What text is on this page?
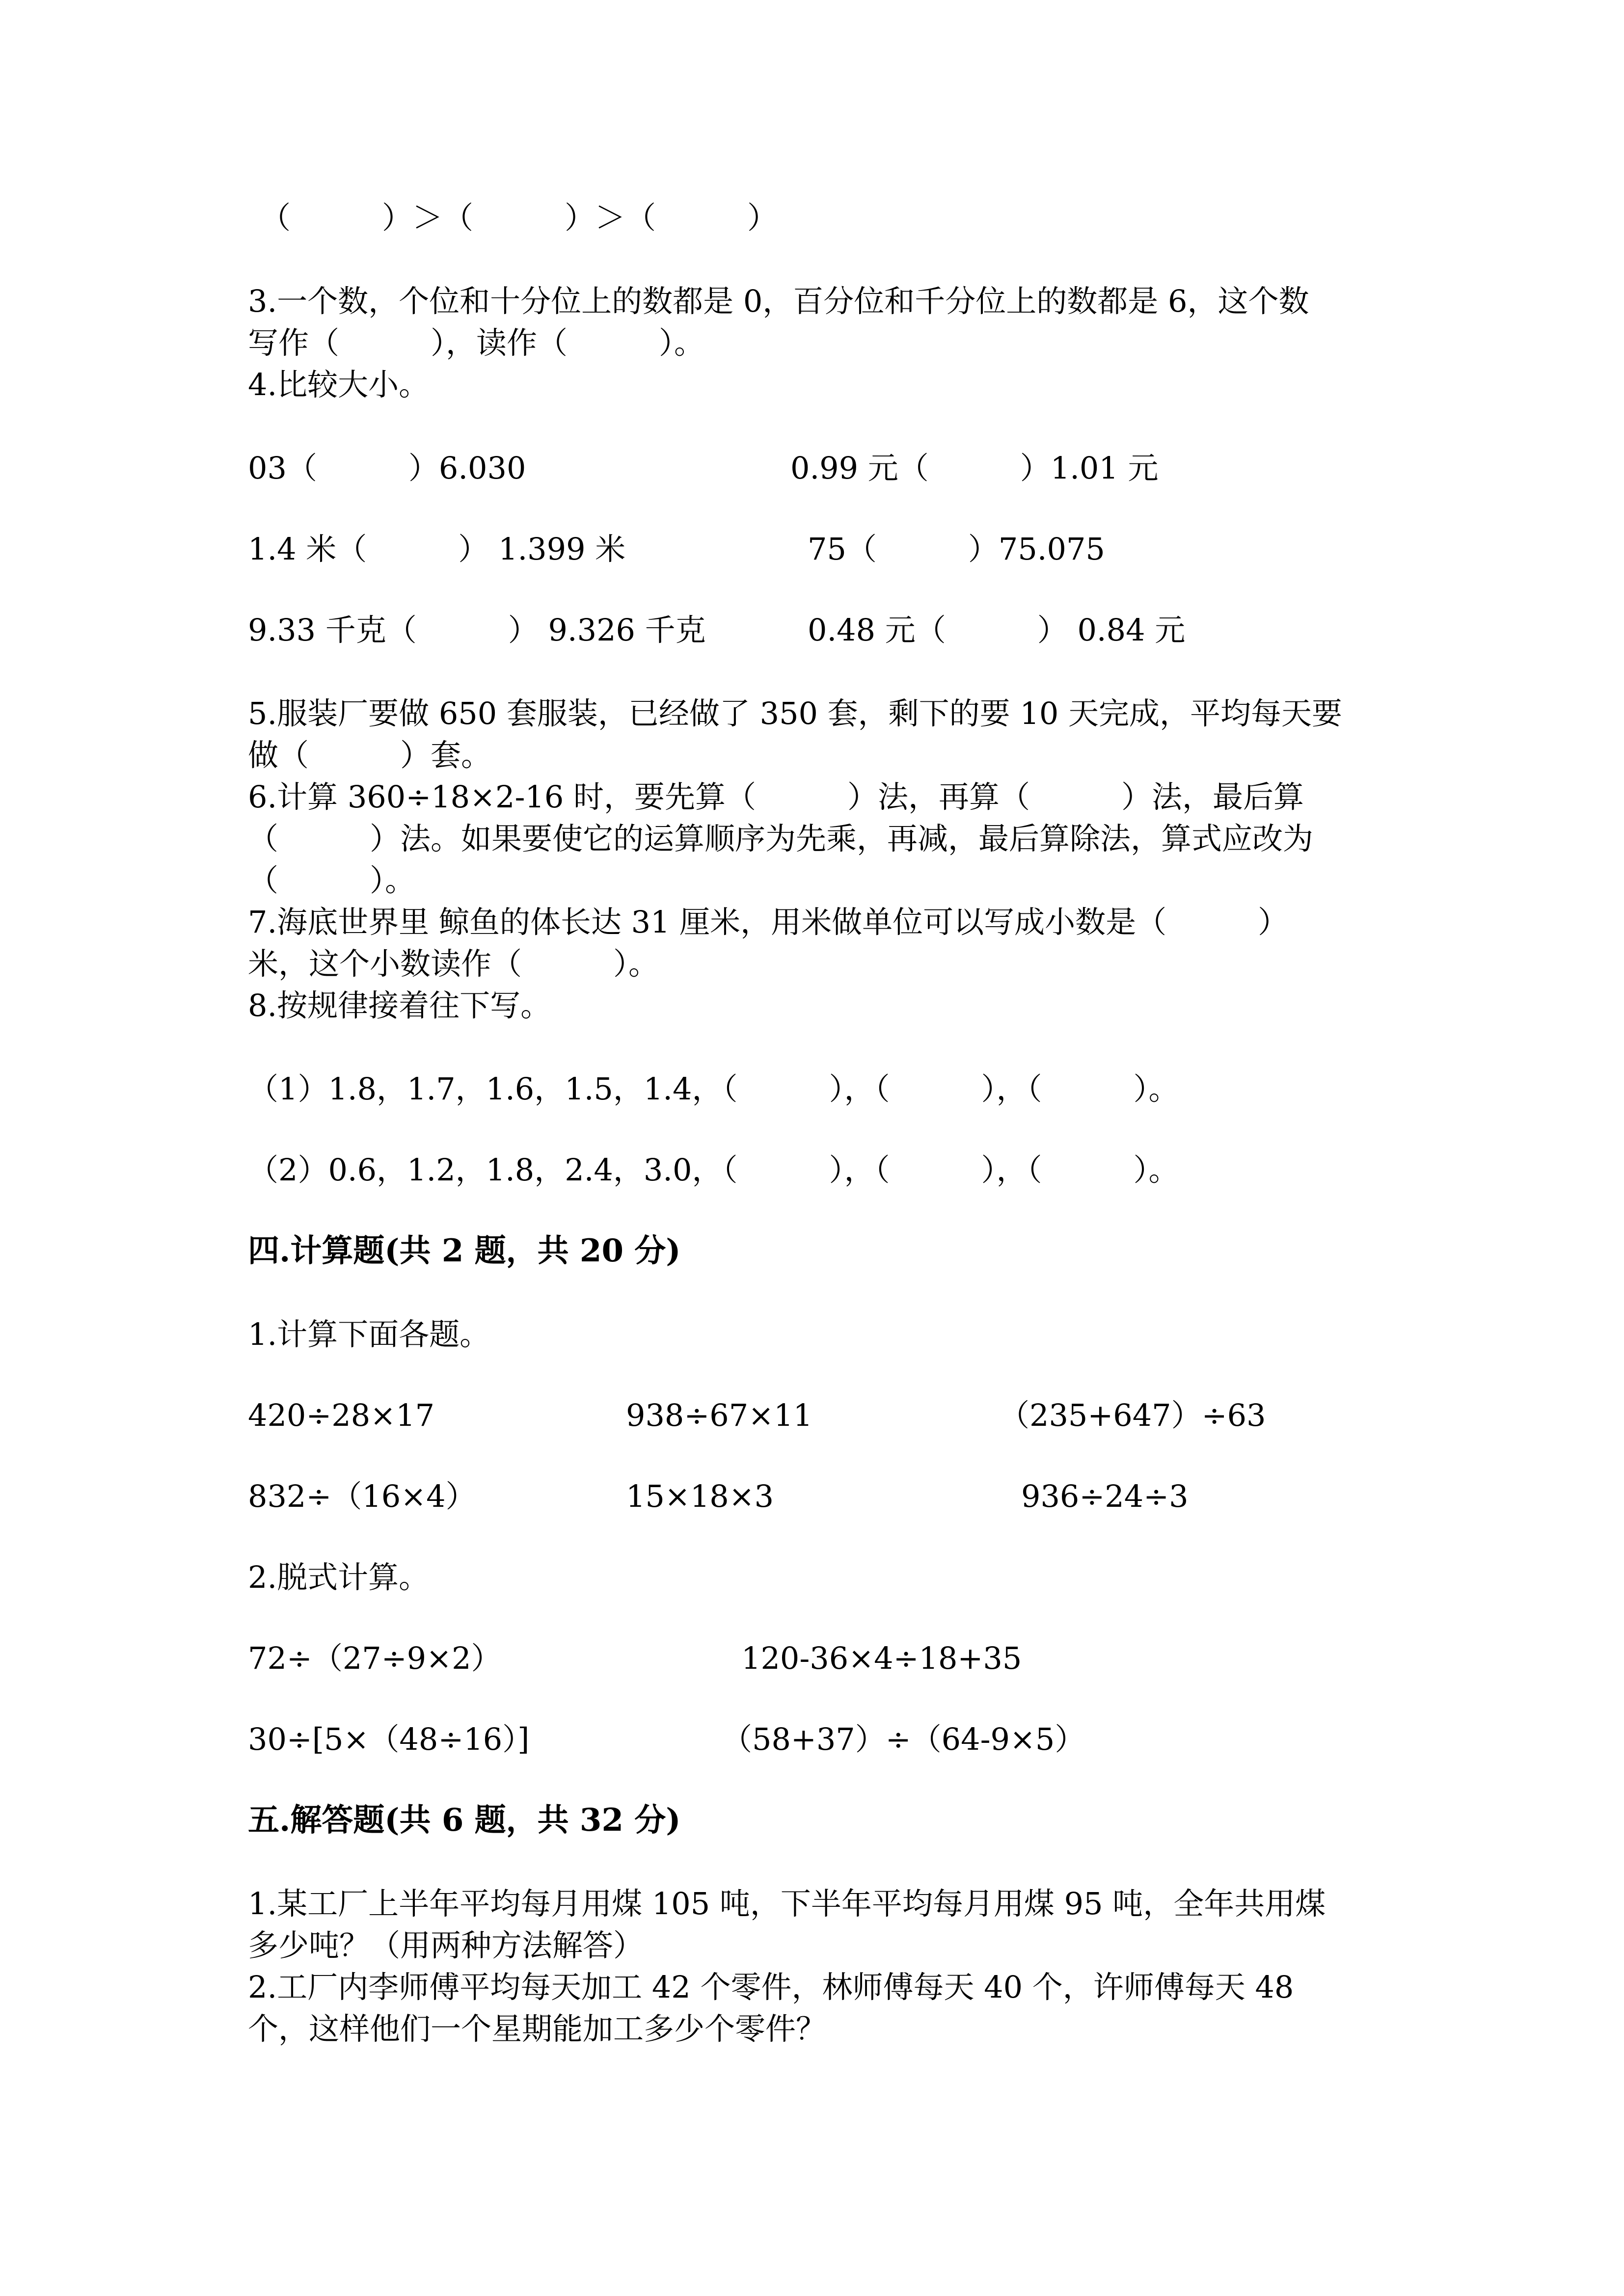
（　　　）＞（　　　）＞（　　　）
3.一个数，个位和十分位上的数都是 0，百分位和千分位上的数都是 6，这个数
写作（　　　），读作（　　　）。
4.比较大小。
03（　　　）6.030	0.99 元（　　　）1.01 元
1.4 米（　　　） 1.399 米	75（　　　）75.075
9.33 千克（　　　） 9.326 千克	0.48 元（　　　） 0.84 元
5.服装厂要做 650 套服装，已经做了 350 套，剩下的要 10 天完成，平均每天要
做（　　　）套。
6.计算 360÷18×2-16 时，要先算（　　　）法，再算（　　　）法，最后算
（　　　）法。如果要使它的运算顺序为先乘，再减，最后算除法，算式应改为
（　　　）。
7.海底世界里 鲸鱼的体长达 31 厘米，用米做单位可以写成小数是（　　　）
米，这个小数读作（　　　）。
8.按规律接着往下写。
（1）1.8，1.7，1.6，1.5，1.4，（　　　），（　　　），（　　　）。
（2）0.6，1.2，1.8，2.4，3.0，（　　　），（　　　），（　　　）。
四.计算题(共 2 题，共 20 分)
1.计算下面各题。
420÷28×17	938÷67×11	（235+647）÷63
832÷（16×4）	15×18×3	936÷24÷3
2.脱式计算。
72÷（27÷9×2）	120-36×4÷18+35
30÷[5×（48÷16）]	（58+37）÷（64-9×5）
五.解答题(共 6 题，共 32 分)
1.某工厂上半年平均每月用煤 105 吨，下半年平均每月用煤 95 吨，全年共用煤
多少吨？（用两种方法解答）
2.工厂内李师傅平均每天加工 42 个零件，林师傅每天 40 个，许师傅每天 48
个，这样他们一个星期能加工多少个零件？
